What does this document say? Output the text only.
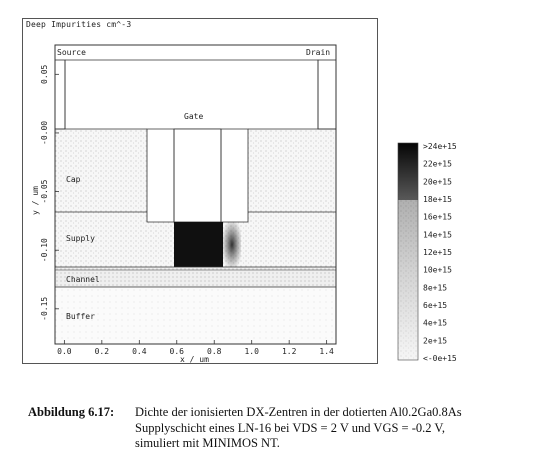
Deep Impurities cm^-3
Source	Drain
Gate
Cap
Supply
Channel
Buffer
0.0	0.2	0.4	0.6	0.8	1.0	1.2	1.4
0.05
-0.00
-0.05
-0.10
-0.15
x / um
y / um
>24e+15
22e+15
20e+15
18e+15
16e+15
14e+15
12e+15
10e+15
8e+15
6e+15
4e+15
2e+15
<-0e+15
Abbildung 6.17: Dichte der ionisierten DX-Zentren in der dotierten Al0.2Ga0.8As
Supplyschicht eines LN-16 bei VDS = 2 V und VGS = -0.2 V,
simuliert mit MINIMOS NT.
